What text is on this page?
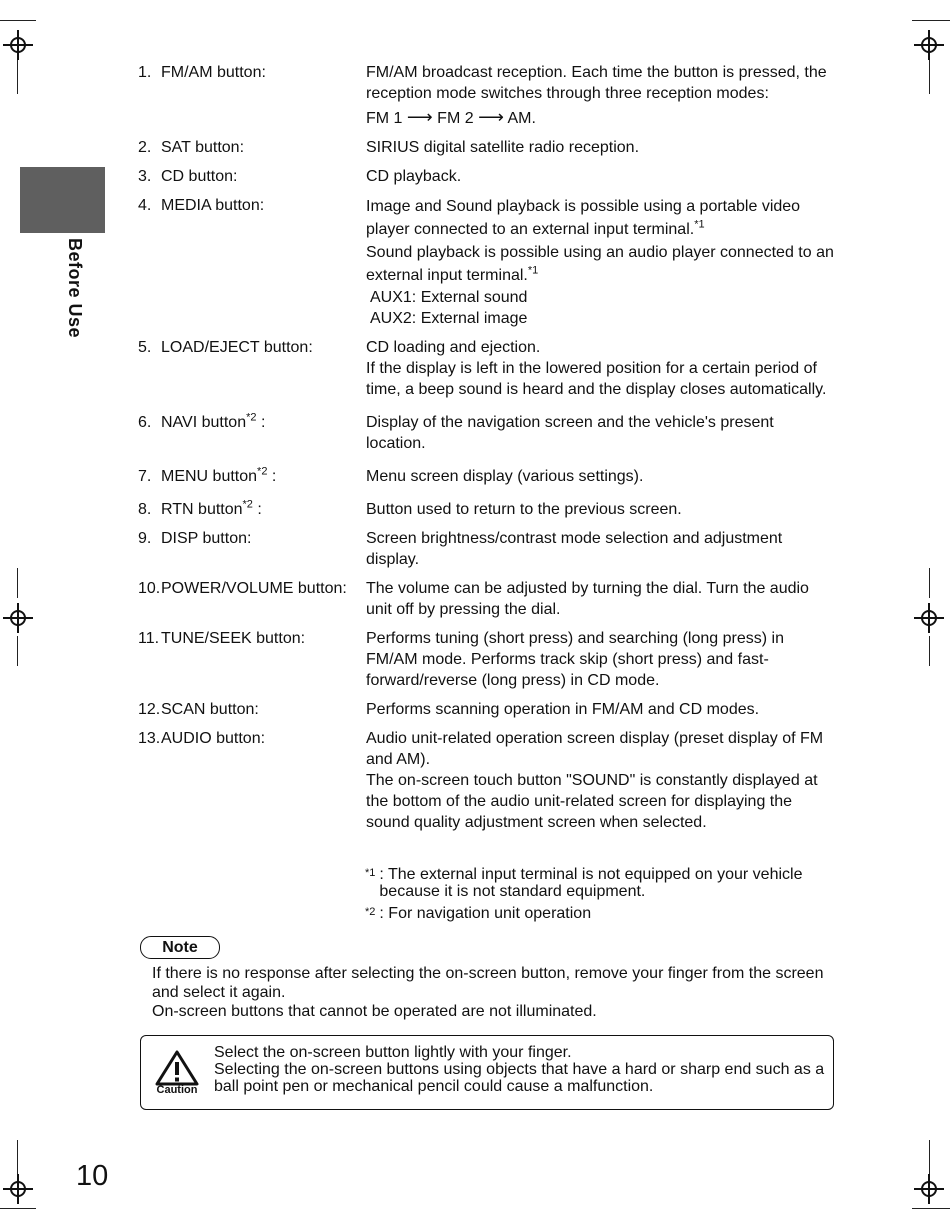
Before Use
1. FM/AM button:	FM/AM broadcast reception. Each time the button is pressed, the reception mode switches through three reception modes:
FM 1 ⟶ FM 2 ⟶ AM.
2. SAT button:	SIRIUS digital satellite radio reception.
3. CD button:	CD playback.
4. MEDIA button:	Image and Sound playback is possible using a portable video player connected to an external input terminal.$^{*1}$
Sound playback is possible using an audio player connected to an external input terminal.$^{*1}$
AUX1: External sound
AUX2: External image
5. LOAD/EJECT button:	CD loading and ejection.
If the display is left in the lowered position for a certain period of time, a beep sound is heard and the display closes automatically.
6. NAVI button$^{*2}$ :	Display of the navigation screen and the vehicle's present location.
7. MENU button$^{*2}$ :	Menu screen display (various settings).
8. RTN button$^{*2}$ :	Button used to return to the previous screen.
9. DISP button:	Screen brightness/contrast mode selection and adjustment display.
10. POWER/VOLUME button:	The volume can be adjusted by turning the dial. Turn the audio unit off by pressing the dial.
11. TUNE/SEEK button:	Performs tuning (short press) and searching (long press) in FM/AM mode. Performs track skip (short press) and fast-forward/reverse (long press) in CD mode.
12. SCAN button:	Performs scanning operation in FM/AM and CD modes.
13. AUDIO button:	Audio unit-related operation screen display (preset display of FM and AM).
The on-screen touch button "SOUND" is constantly displayed at the bottom of the audio unit-related screen for displaying the sound quality adjustment screen when selected.
*1 : The external input terminal is not equipped on your vehicle because it is not standard equipment.
*2 : For navigation unit operation
Note
If there is no response after selecting the on-screen button, remove your finger from the screen and select it again.
On-screen buttons that cannot be operated are not illuminated.
Caution
Select the on-screen button lightly with your finger.
Selecting the on-screen buttons using objects that have a hard or sharp end such as a ball point pen or mechanical pencil could cause a malfunction.
10
